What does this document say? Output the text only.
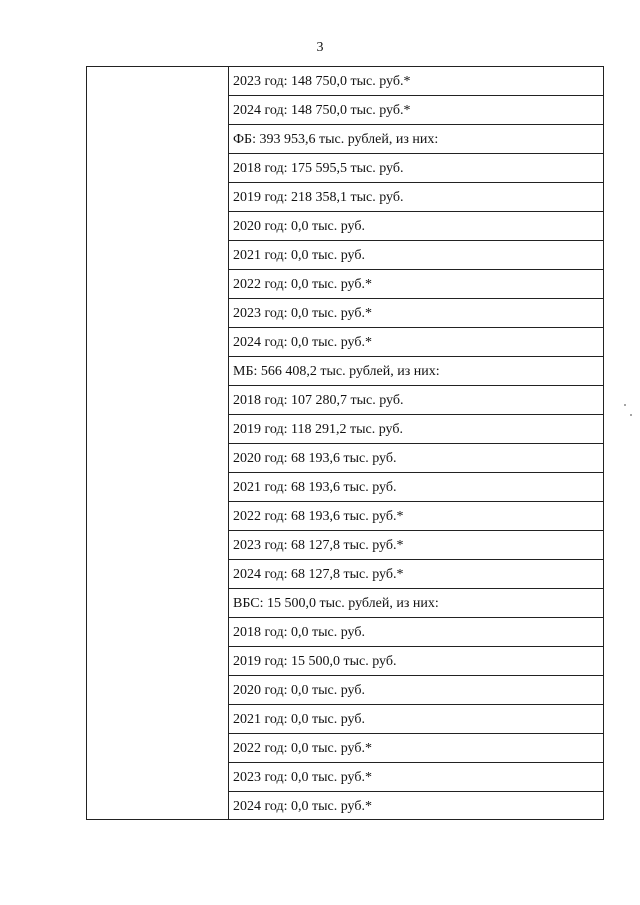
3
2023 год: 148 750,0 тыс. руб.*
2024 год: 148 750,0 тыс. руб.*
ФБ: 393 953,6 тыс. рублей, из них:
2018 год: 175 595,5 тыс. руб.
2019 год: 218 358,1 тыс. руб.
2020 год: 0,0 тыс. руб.
2021 год: 0,0 тыс. руб.
2022 год: 0,0 тыс. руб.*
2023 год: 0,0 тыс. руб.*
2024 год: 0,0 тыс. руб.*
МБ: 566 408,2 тыс. рублей, из них:
2018 год: 107 280,7 тыс. руб.
2019 год: 118 291,2 тыс. руб.
2020 год: 68 193,6 тыс. руб.
2021 год: 68 193,6 тыс. руб.
2022 год: 68 193,6 тыс. руб.*
2023 год: 68 127,8 тыс. руб.*
2024 год: 68 127,8 тыс. руб.*
ВБС: 15 500,0 тыс. рублей, из них:
2018 год: 0,0 тыс. руб.
2019 год: 15 500,0 тыс. руб.
2020 год: 0,0 тыс. руб.
2021 год: 0,0 тыс. руб.
2022 год: 0,0 тыс. руб.*
2023 год: 0,0 тыс. руб.*
2024 год: 0,0 тыс. руб.*
